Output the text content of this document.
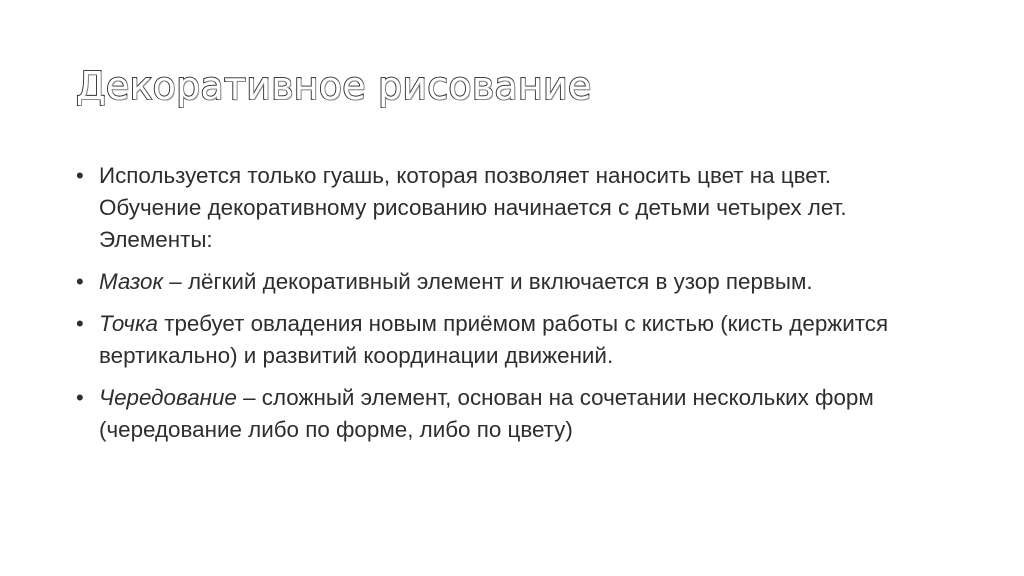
Декоративное рисование
• Используется только гуашь, которая позволяет наносить цвет на цвет. Обучение декоративному рисованию начинается с детьми четырех лет. Элементы:
• Мазок – лёгкий декоративный элемент и включается в узор первым.
• Точка требует овладения новым приёмом работы с кистью (кисть держится вертикально) и развитий координации движений.
• Чередование – сложный элемент, основан на сочетании нескольких форм (чередование либо по форме, либо по цвету)
